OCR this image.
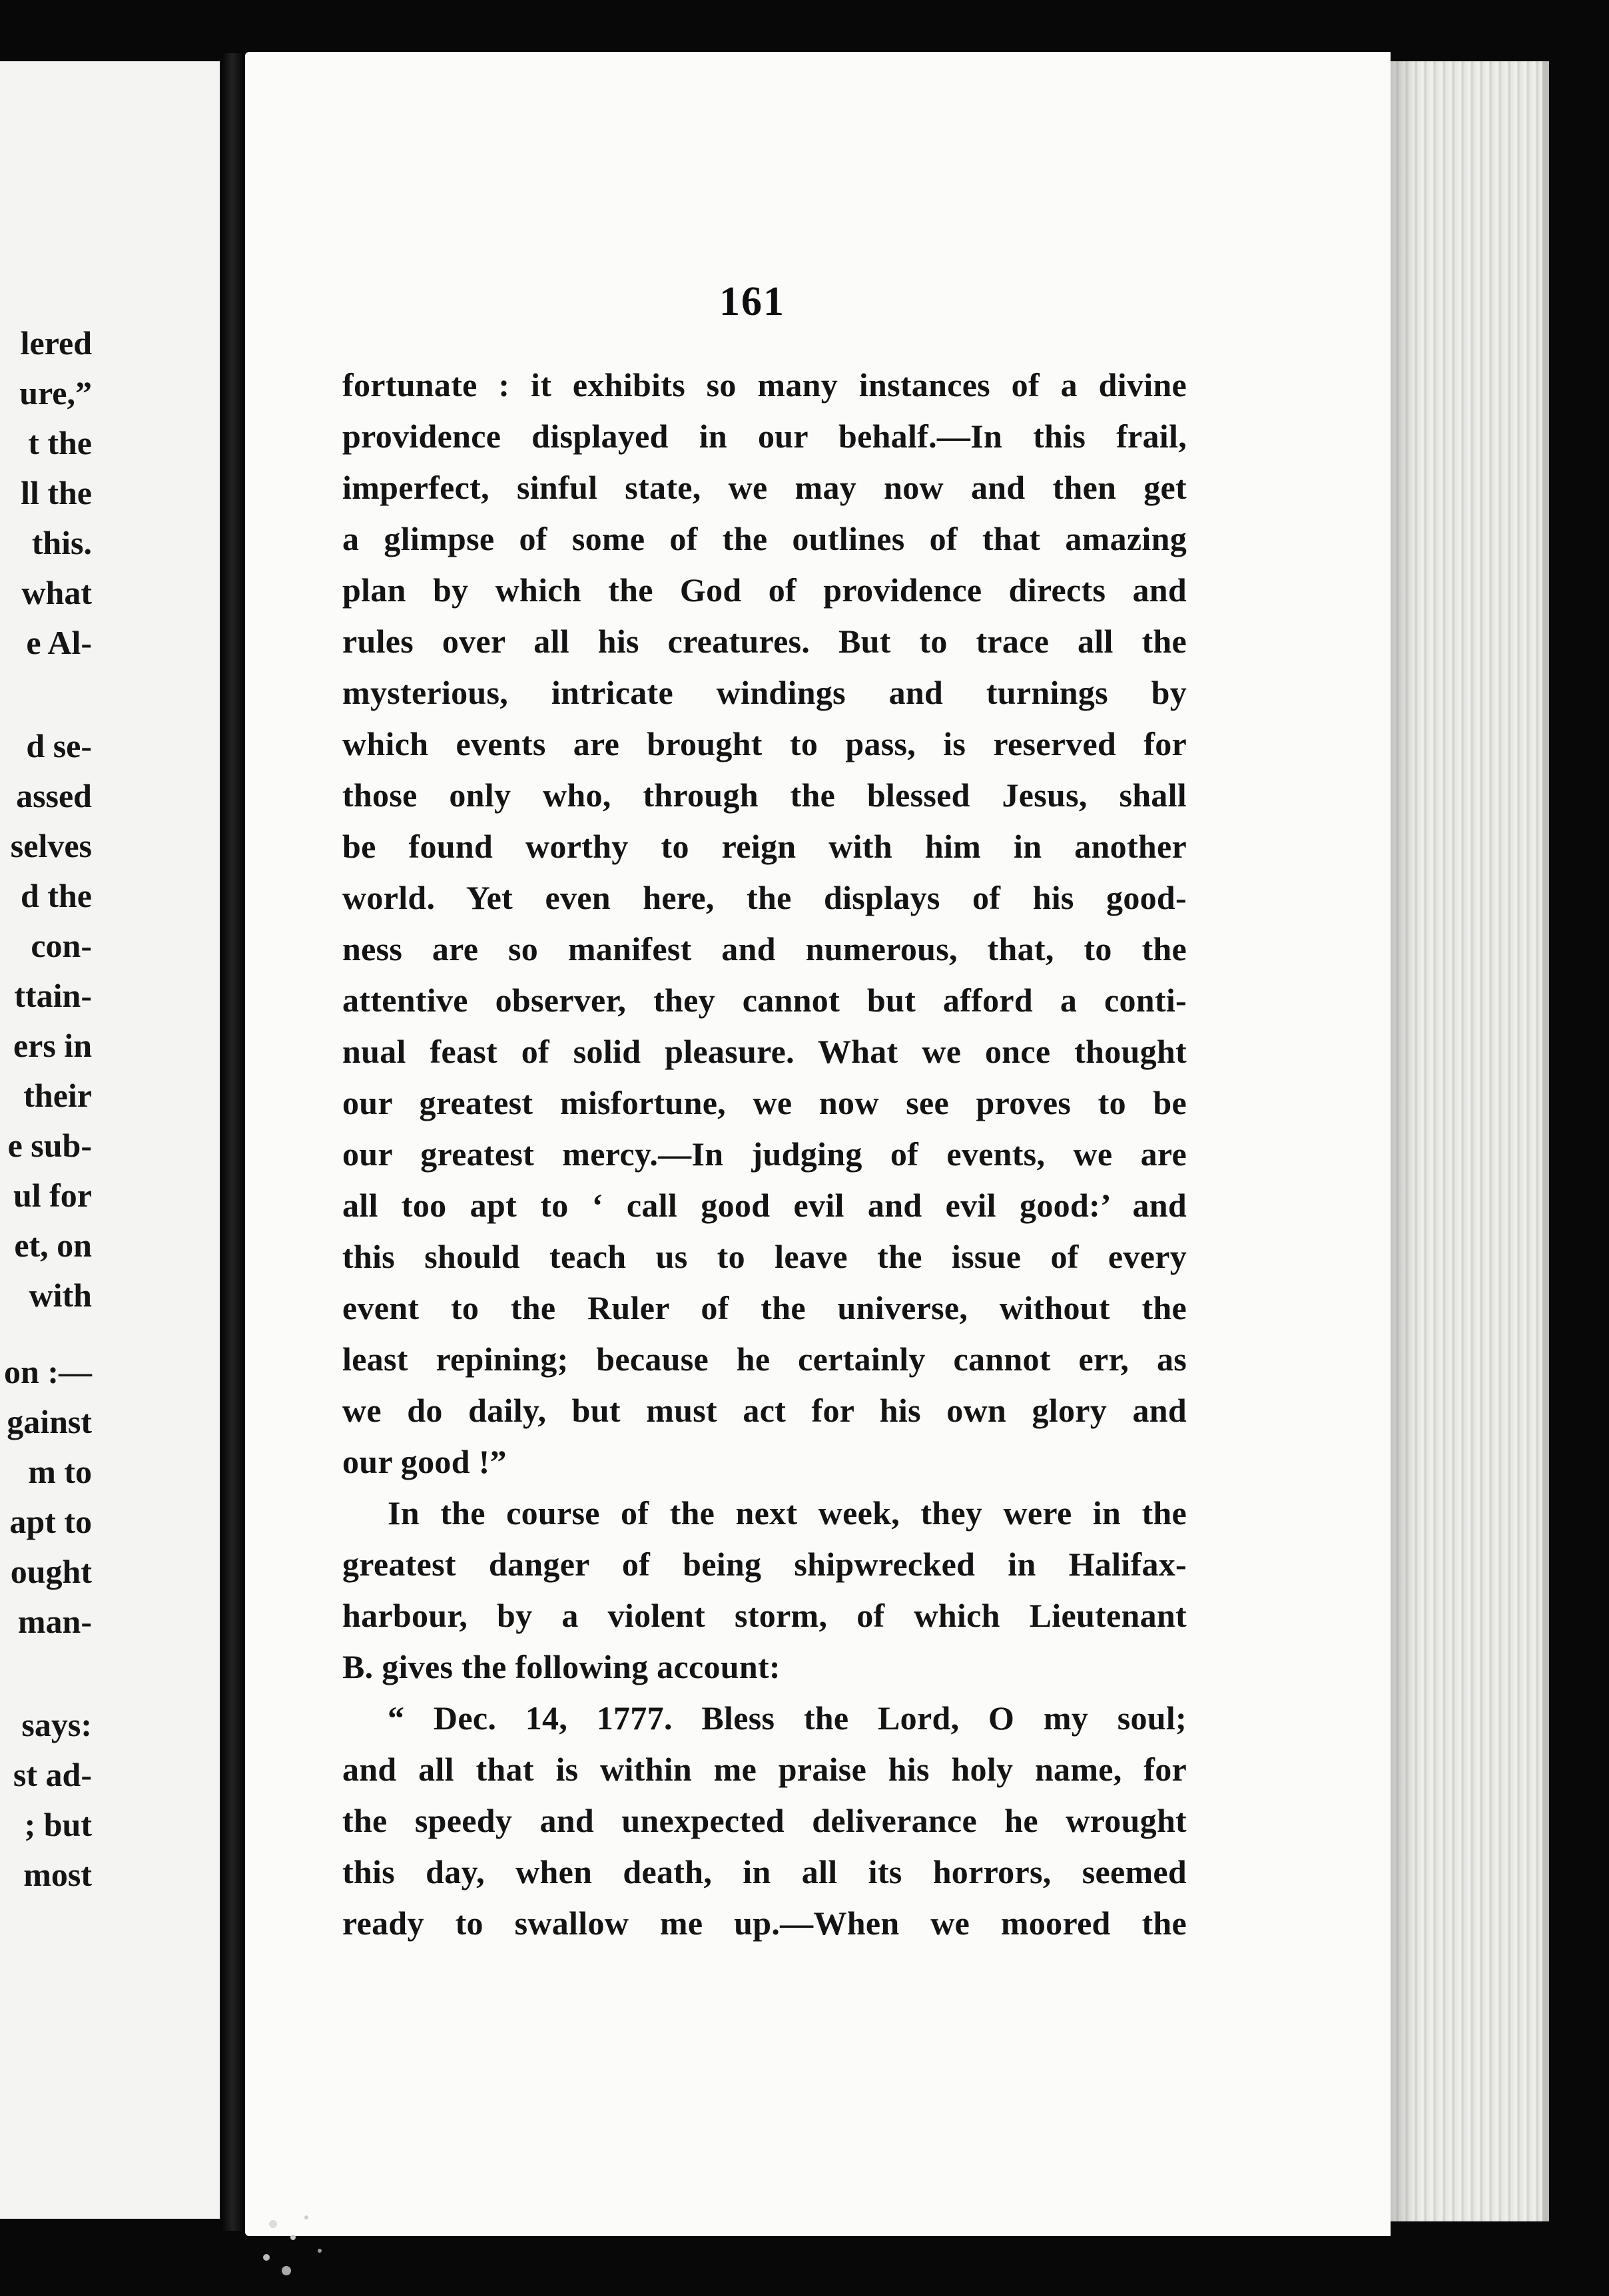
lered
ure,”
t the
ll the
this.
what
e Al-
d se-
assed
selves
d the
con-
ttain-
ers in
their
e sub-
ul for
et, on
with
on :—
gainst
m to
apt to
ought
man-
says:
st ad-
; but
most
161
fortunate : it exhibits so many instances of a divine
providence displayed in our behalf.—In this frail,
imperfect, sinful state, we may now and then get
a glimpse of some of the outlines of that amazing
plan by which the God of providence directs and
rules over all his creatures. But to trace all the
mysterious, intricate windings and turnings by
which events are brought to pass, is reserved for
those only who, through the blessed Jesus, shall
be found worthy to reign with him in another
world. Yet even here, the displays of his good-
ness are so manifest and numerous, that, to the
attentive observer, they cannot but afford a conti-
nual feast of solid pleasure. What we once thought
our greatest misfortune, we now see proves to be
our greatest mercy.—In judging of events, we are
all too apt to ‘ call good evil and evil good:’ and
this should teach us to leave the issue of every
event to the Ruler of the universe, without the
least repining; because he certainly cannot err, as
we do daily, but must act for his own glory and
our good !”
In the course of the next week, they were in the
greatest danger of being shipwrecked in Halifax-
harbour, by a violent storm, of which Lieutenant
B. gives the following account:
“ Dec. 14, 1777. Bless the Lord, O my soul;
and all that is within me praise his holy name, for
the speedy and unexpected deliverance he wrought
this day, when death, in all its horrors, seemed
ready to swallow me up.—When we moored the
